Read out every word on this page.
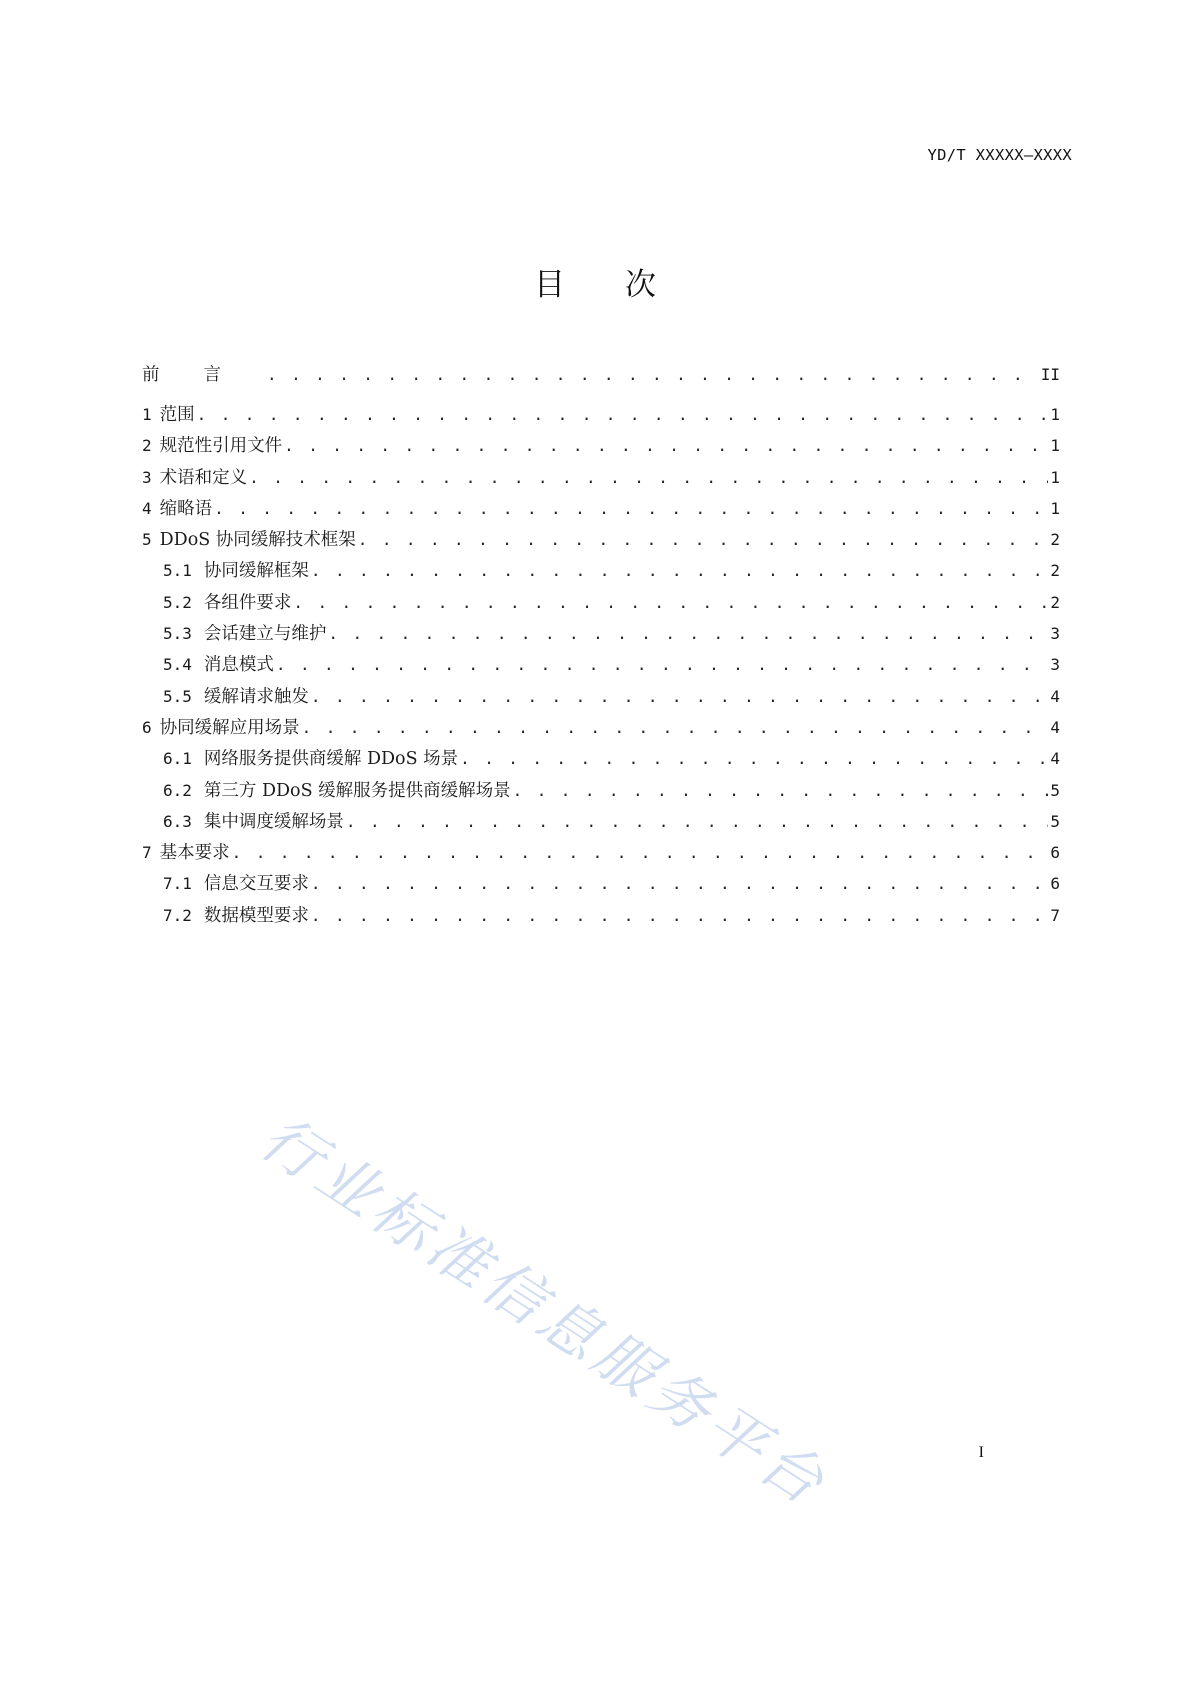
YD/T XXXXX—XXXX
目次
前言 . . .	II
1 范围 . . .	1
2 规范性引用文件 . . .	1
3 术语和定义 . . .	1
4 缩略语 . . .	1
5 DDoS 协同缓解技术框架 . . .	2
5.1 协同缓解框架 . . .	2
5.2 各组件要求 . . .	2
5.3 会话建立与维护 . . .	3
5.4 消息模式 . . .	3
5.5 缓解请求触发 . . .	4
6 协同缓解应用场景 . . .	4
6.1 网络服务提供商缓解 DDoS 场景 . . .	4
6.2 第三方 DDoS 缓解服务提供商缓解场景 . . .	5
6.3 集中调度缓解场景 . . .	5
7 基本要求 . . .	6
7.1 信息交互要求 . . .	6
7.2 数据模型要求 . . .	7
行业标准信息服务平台	I
